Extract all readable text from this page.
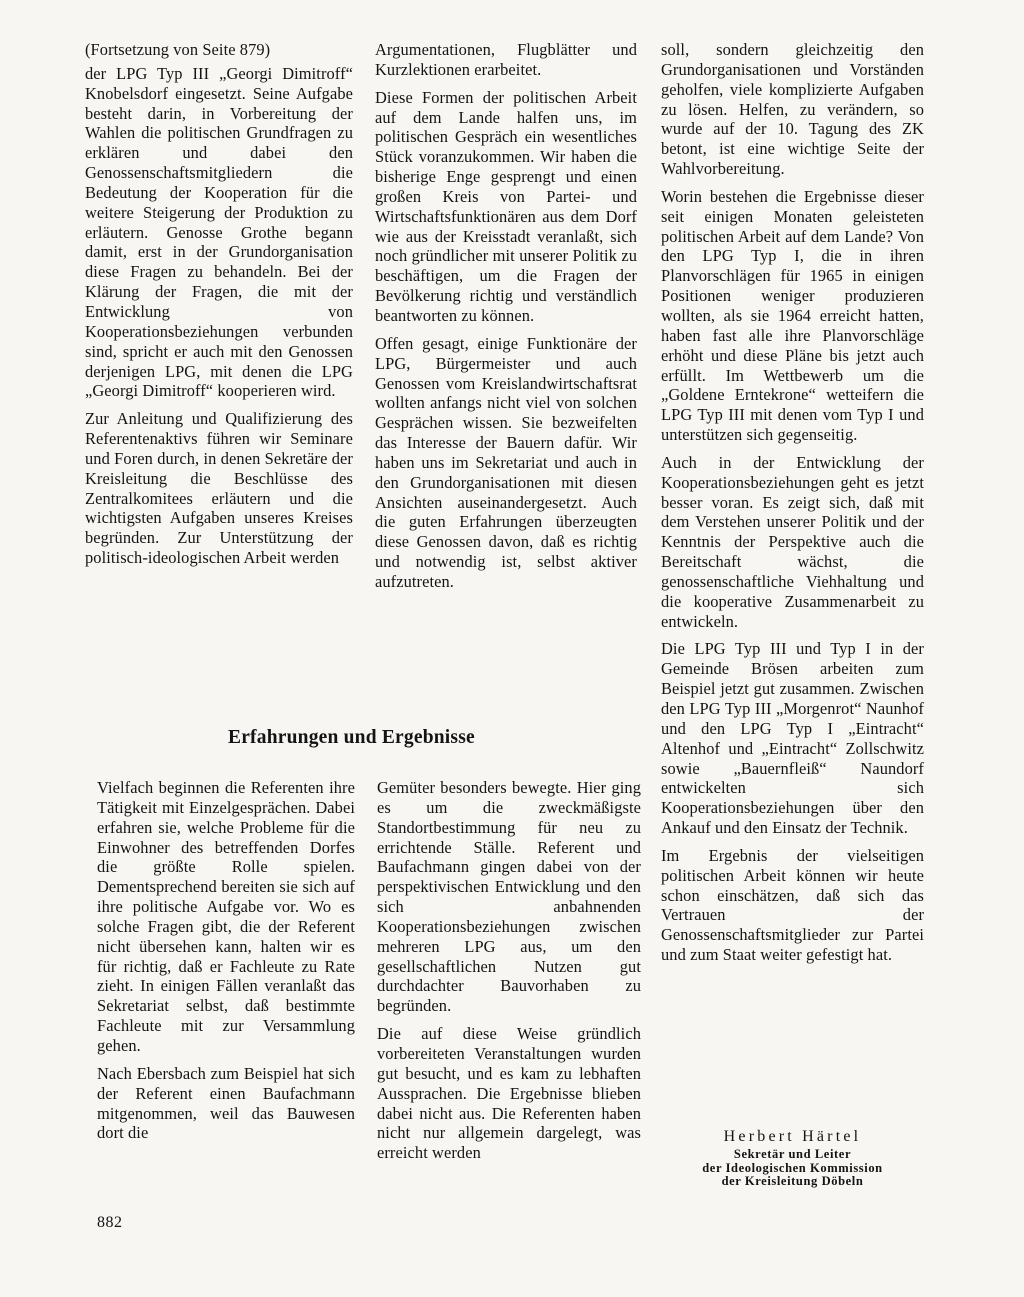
(Fortsetzung von Seite 879)

der LPG Typ III „Georgi Dimitroff“ Knobelsdorf eingesetzt. Seine Aufgabe besteht darin, in Vorbereitung der Wahlen die politischen Grundfragen zu erklären und dabei den Genossenschaftsmitgliedern die Bedeutung der Kooperation für die weitere Steigerung der Produktion zu erläutern. Genosse Grothe begann damit, erst in der Grundorganisation diese Fragen zu behandeln. Bei der Klärung der Fragen, die mit der Entwicklung von Kooperationsbeziehungen verbunden sind, spricht er auch mit den Genossen derjenigen LPG, mit denen die LPG „Georgi Dimitroff“ kooperieren wird.

Zur Anleitung und Qualifizierung des Referentenaktivs führen wir Seminare und Foren durch, in denen Sekretäre der Kreisleitung die Beschlüsse des Zentralkomitees erläutern und die wichtigsten Aufgaben unseres Kreises begründen. Zur Unterstützung der politisch-ideologischen Arbeit werden

Argumentationen, Flugblätter und Kurzlektionen erarbeitet.

Diese Formen der politischen Arbeit auf dem Lande halfen uns, im politischen Gespräch ein wesentliches Stück voranzukommen. Wir haben die bisherige Enge gesprengt und einen großen Kreis von Partei- und Wirtschaftsfunktionären aus dem Dorf wie aus der Kreisstadt veranlaßt, sich noch gründlicher mit unserer Politik zu beschäftigen, um die Fragen der Bevölkerung richtig und verständlich beantworten zu können.

Offen gesagt, einige Funktionäre der LPG, Bürgermeister und auch Genossen vom Kreislandwirtschaftsrat wollten anfangs nicht viel von solchen Gesprächen wissen. Sie bezweifelten das Interesse der Bauern dafür. Wir haben uns im Sekretariat und auch in den Grundorganisationen mit diesen Ansichten auseinandergesetzt. Auch die guten Erfahrungen überzeugten diese Genossen davon, daß es richtig und notwendig ist, selbst aktiver aufzutreten.

soll, sondern gleichzeitig den Grundorganisationen und Vorständen geholfen, viele komplizierte Aufgaben zu lösen. Helfen, zu verändern, so wurde auf der 10. Tagung des ZK betont, ist eine wichtige Seite der Wahlvorbereitung.

Worin bestehen die Ergebnisse dieser seit einigen Monaten geleisteten politischen Arbeit auf dem Lande? Von den LPG Typ I, die in ihren Planvorschlägen für 1965 in einigen Positionen weniger produzieren wollten, als sie 1964 erreicht hatten, haben fast alle ihre Planvorschläge erhöht und diese Pläne bis jetzt auch erfüllt. Im Wettbewerb um die „Goldene Erntekrone“ wetteifern die LPG Typ III mit denen vom Typ I und unterstützen sich gegenseitig.

Auch in der Entwicklung der Kooperationsbeziehungen geht es jetzt besser voran. Es zeigt sich, daß mit dem Verstehen unserer Politik und der Kenntnis der Perspektive auch die Bereitschaft wächst, die genossenschaftliche Viehhaltung und die kooperative Zusammenarbeit zu entwickeln.

Die LPG Typ III und Typ I in der Gemeinde Brösen arbeiten zum Beispiel jetzt gut zusammen. Zwischen den LPG Typ III „Morgenrot“ Naunhof und den LPG Typ I „Eintracht“ Altenhof und „Eintracht“ Zollschwitz sowie „Bauernfleiß“ Naundorf entwickelten sich Kooperationsbeziehungen über den Ankauf und den Einsatz der Technik.

Im Ergebnis der vielseitigen politischen Arbeit können wir heute schon einschätzen, daß sich das Vertrauen der Genossenschaftsmitglieder zur Partei und zum Staat weiter gefestigt hat.

Erfahrungen und Ergebnisse

Vielfach beginnen die Referenten ihre Tätigkeit mit Einzelgesprächen. Dabei erfahren sie, welche Probleme für die Einwohner des betreffenden Dorfes die größte Rolle spielen. Dementsprechend bereiten sie sich auf ihre politische Aufgabe vor. Wo es solche Fragen gibt, die der Referent nicht übersehen kann, halten wir es für richtig, daß er Fachleute zu Rate zieht. In einigen Fällen veranlaßt das Sekretariat selbst, daß bestimmte Fachleute mit zur Versammlung gehen.

Nach Ebersbach zum Beispiel hat sich der Referent einen Baufachmann mitgenommen, weil das Bauwesen dort die

Gemüter besonders bewegte. Hier ging es um die zweckmäßigste Standortbestimmung für neu zu errichtende Ställe. Referent und Baufachmann gingen dabei von der perspektivischen Entwicklung und den sich anbahnenden Kooperationsbeziehungen zwischen mehreren LPG aus, um den gesellschaftlichen Nutzen gut durchdachter Bauvorhaben zu begründen.

Die auf diese Weise gründlich vorbereiteten Veranstaltungen wurden gut besucht, und es kam zu lebhaften Aussprachen. Die Ergebnisse blieben dabei nicht aus. Die Referenten haben nicht nur allgemein dargelegt, was erreicht werden

Herbert Härtel

Sekretär und Leiter
der Ideologischen Kommission
der Kreisleitung Döbeln

882
